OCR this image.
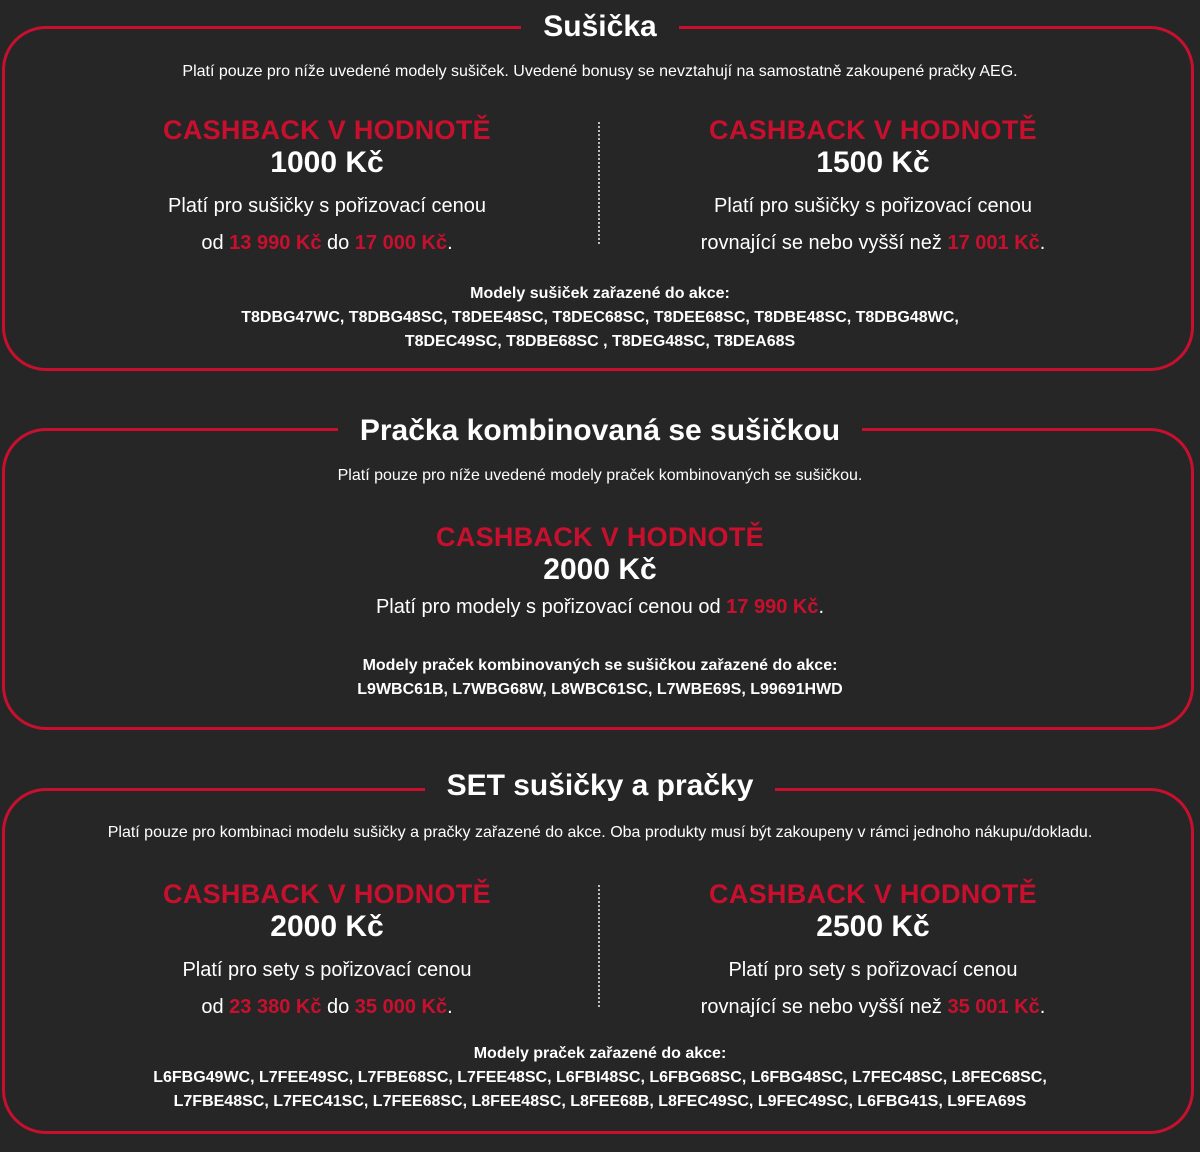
Sušička
Platí pouze pro níže uvedené modely sušiček. Uvedené bonusy se nevztahují na samostatně zakoupené pračky AEG.
CASHBACK V HODNOTĚ
1000 Kč
Platí pro sušičky s pořizovací cenou
od 13 990 Kč do 17 000 Kč.
CASHBACK V HODNOTĚ
1500 Kč
Platí pro sušičky s pořizovací cenou
rovnající se nebo vyšší než 17 001 Kč.
Modely sušiček zařazené do akce:
T8DBG47WC, T8DBG48SC, T8DEE48SC, T8DEC68SC, T8DEE68SC, T8DBE48SC, T8DBG48WC,
T8DEC49SC, T8DBE68SC , T8DEG48SC, T8DEA68S
Pračka kombinovaná se sušičkou
Platí pouze pro níže uvedené modely praček kombinovaných se sušičkou.
CASHBACK V HODNOTĚ
2000 Kč
Platí pro modely s pořizovací cenou od 17 990 Kč.
Modely praček kombinovaných se sušičkou zařazené do akce:
L9WBC61B, L7WBG68W, L8WBC61SC, L7WBE69S, L99691HWD
SET sušičky a pračky
Platí pouze pro kombinaci modelu sušičky a pračky zařazené do akce. Oba produkty musí být zakoupeny v rámci jednoho nákupu/dokladu.
CASHBACK V HODNOTĚ
2000 Kč
Platí pro sety s pořizovací cenou
od 23 380 Kč do 35 000 Kč.
CASHBACK V HODNOTĚ
2500 Kč
Platí pro sety s pořizovací cenou
rovnající se nebo vyšší než 35 001 Kč.
Modely praček zařazené do akce:
L6FBG49WC, L7FEE49SC, L7FBE68SC, L7FEE48SC, L6FBI48SC, L6FBG68SC, L6FBG48SC, L7FEC48SC, L8FEC68SC,
L7FBE48SC, L7FEC41SC, L7FEE68SC, L8FEE48SC, L8FEE68B, L8FEC49SC, L9FEC49SC, L6FBG41S, L9FEA69S
